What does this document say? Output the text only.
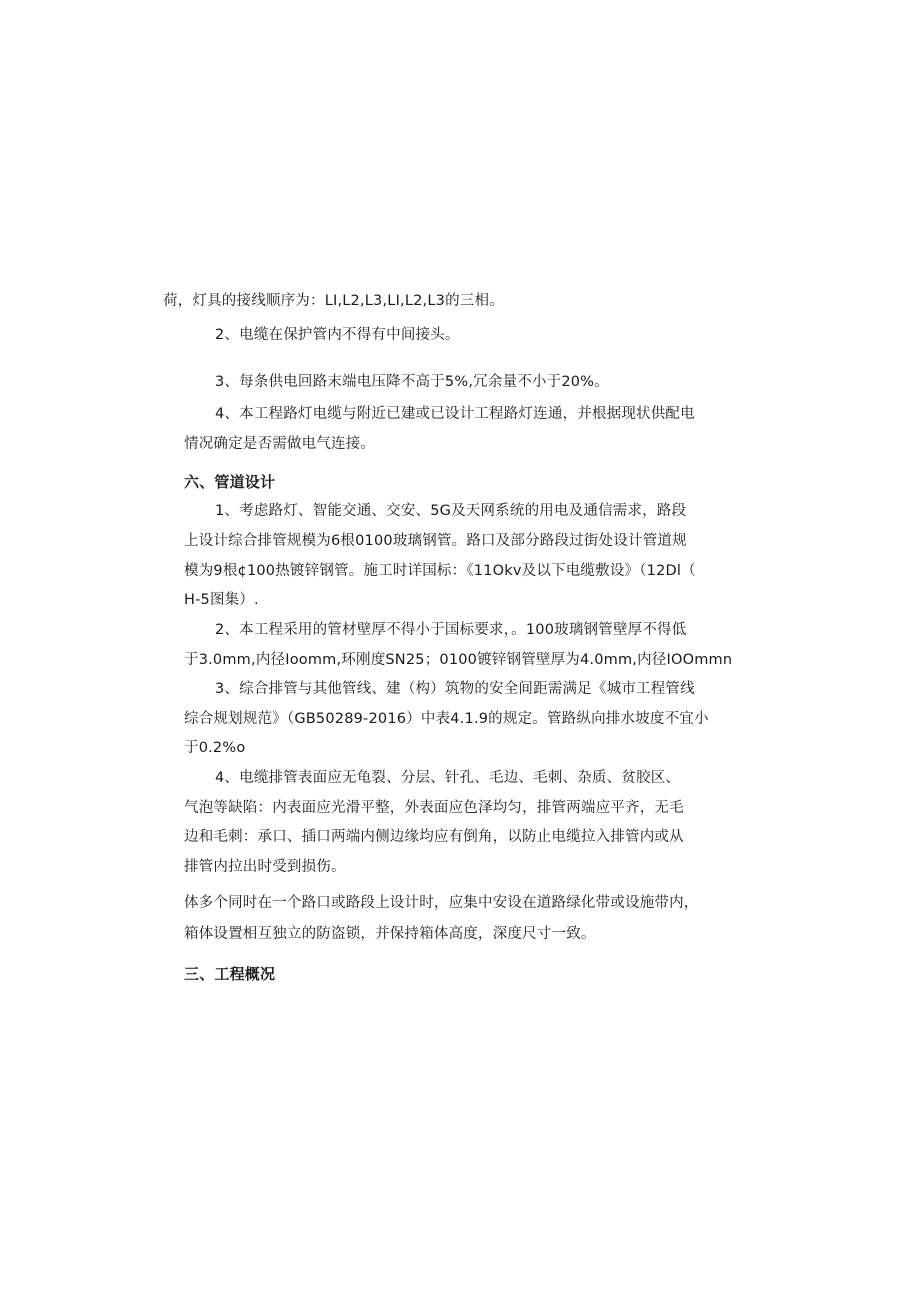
荷，灯具的接线顺序为：LI,L2,L3,LI,L2,L3的三相。
2、电缆在保护管内不得有中间接头。
3、每条供电回路末端电压降不高于5%,冗余量不小于20%。
4、本工程路灯电缆与附近已建或已设计工程路灯连通，并根据现状供配电
情况确定是否需做电气连接。
六、管道设计
1、考虑路灯、智能交通、交安、5G及天网系统的用电及通信需求，路段
上设计综合排管规模为6根0100玻璃钢管。路口及部分路段过街处设计管道规
模为9根¢100热镀锌钢管。施工时详国标：《11Okv及以下电缆敷设》（12Dl（
H-5图集）.
2、本工程采用的管材壁厚不得小于国标要求，。100玻璃钢管壁厚不得低
于3.0mm,内径Ioomm,环刚度SN25；0100镀锌钢管壁厚为4.0mm,内径IOOmmn
3、综合排管与其他管线、建（构）筑物的安全间距需满足《城市工程管线
综合规划规范》（GB50289-2016）中表4.1.9的规定。管路纵向排水坡度不宜小
于0.2%o
4、电缆排管表面应无龟裂、分层、针孔、毛边、毛刺、杂质、贫胶区、
气泡等缺陷：内表面应光滑平整，外表面应色泽均匀，排管两端应平齐，无毛
边和毛刺：承口、插口两端内侧边缘均应有倒角，以防止电缆拉入排管内或从
排管内拉出时受到损伤。
体多个同时在一个路口或路段上设计时，应集中安设在道路绿化带或设施带内，
箱体设置相互独立的防盗锁，并保持箱体高度，深度尺寸一致。
三、工程概况
